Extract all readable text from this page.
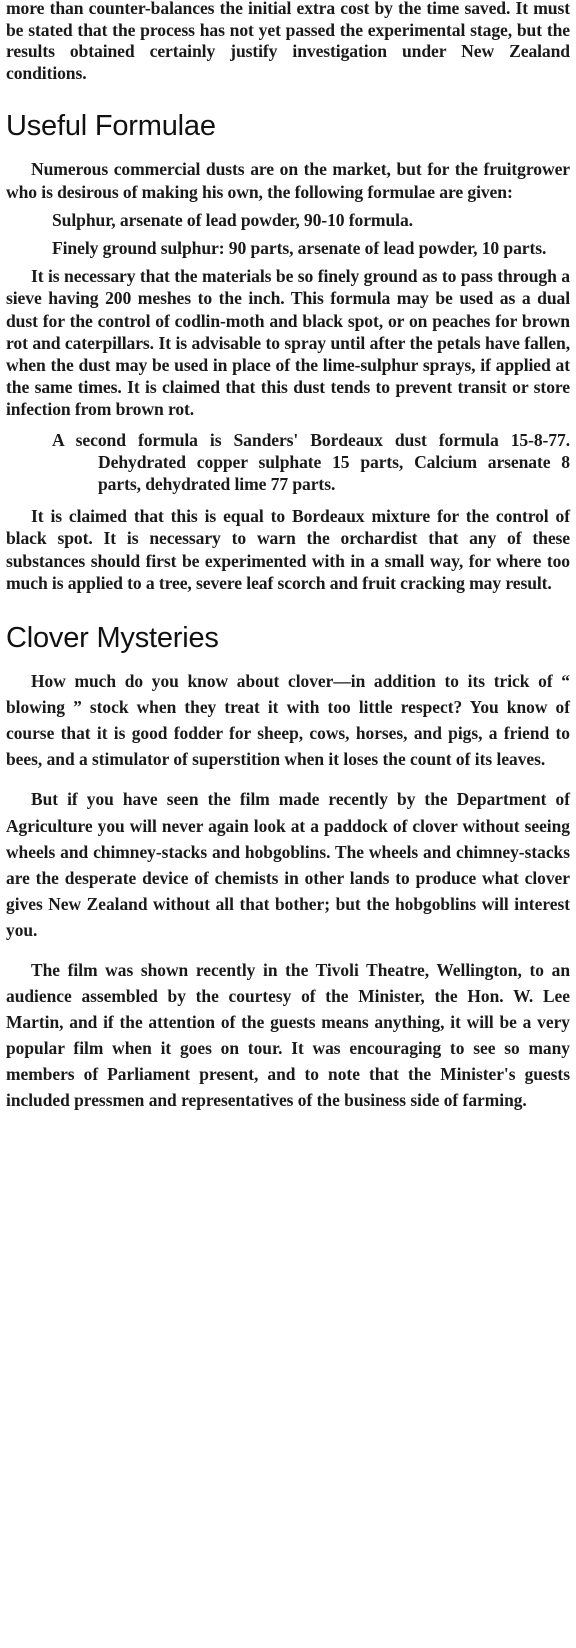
more than counter-balances the initial extra cost by the time saved. It must be stated that the process has not yet passed the experimental stage, but the results obtained certainly justify investigation under New Zealand conditions.

Useful Formulae

Numerous commercial dusts are on the market, but for the fruitgrower who is desirous of making his own, the following formulae are given:

Sulphur, arsenate of lead powder, 90-10 formula.

Finely ground sulphur: 90 parts, arsenate of lead powder, 10 parts.

It is necessary that the materials be so finely ground as to pass through a sieve having 200 meshes to the inch. This formula may be used as a dual dust for the control of codlin-moth and black spot, or on peaches for brown rot and caterpillars. It is advisable to spray until after the petals have fallen, when the dust may be used in place of the lime-sulphur sprays, if applied at the same times. It is claimed that this dust tends to prevent transit or store infection from brown rot.

A second formula is Sanders' Bordeaux dust formula 15-8-77. Dehydrated copper sulphate 15 parts, Calcium arsenate 8 parts, dehydrated lime 77 parts.

It is claimed that this is equal to Bordeaux mixture for the control of black spot. It is necessary to warn the orchardist that any of these substances should first be experimented with in a small way, for where too much is applied to a tree, severe leaf scorch and fruit cracking may result.

Clover Mysteries

How much do you know about clover—in addition to its trick of “ blowing ” stock when they treat it with too little respect? You know of course that it is good fodder for sheep, cows, horses, and pigs, a friend to bees, and a stimulator of superstition when it loses the count of its leaves.

But if you have seen the film made recently by the Department of Agriculture you will never again look at a paddock of clover without seeing wheels and chimney-stacks and hobgoblins. The wheels and chimney-stacks are the desperate device of chemists in other lands to produce what clover gives New Zealand without all that bother; but the hobgoblins will interest you.

The film was shown recently in the Tivoli Theatre, Wellington, to an audience assembled by the courtesy of the Minister, the Hon. W. Lee Martin, and if the attention of the guests means anything, it will be a very popular film when it goes on tour. It was encouraging to see so many members of Parliament present, and to note that the Minister's guests included pressmen and representatives of the business side of farming.
